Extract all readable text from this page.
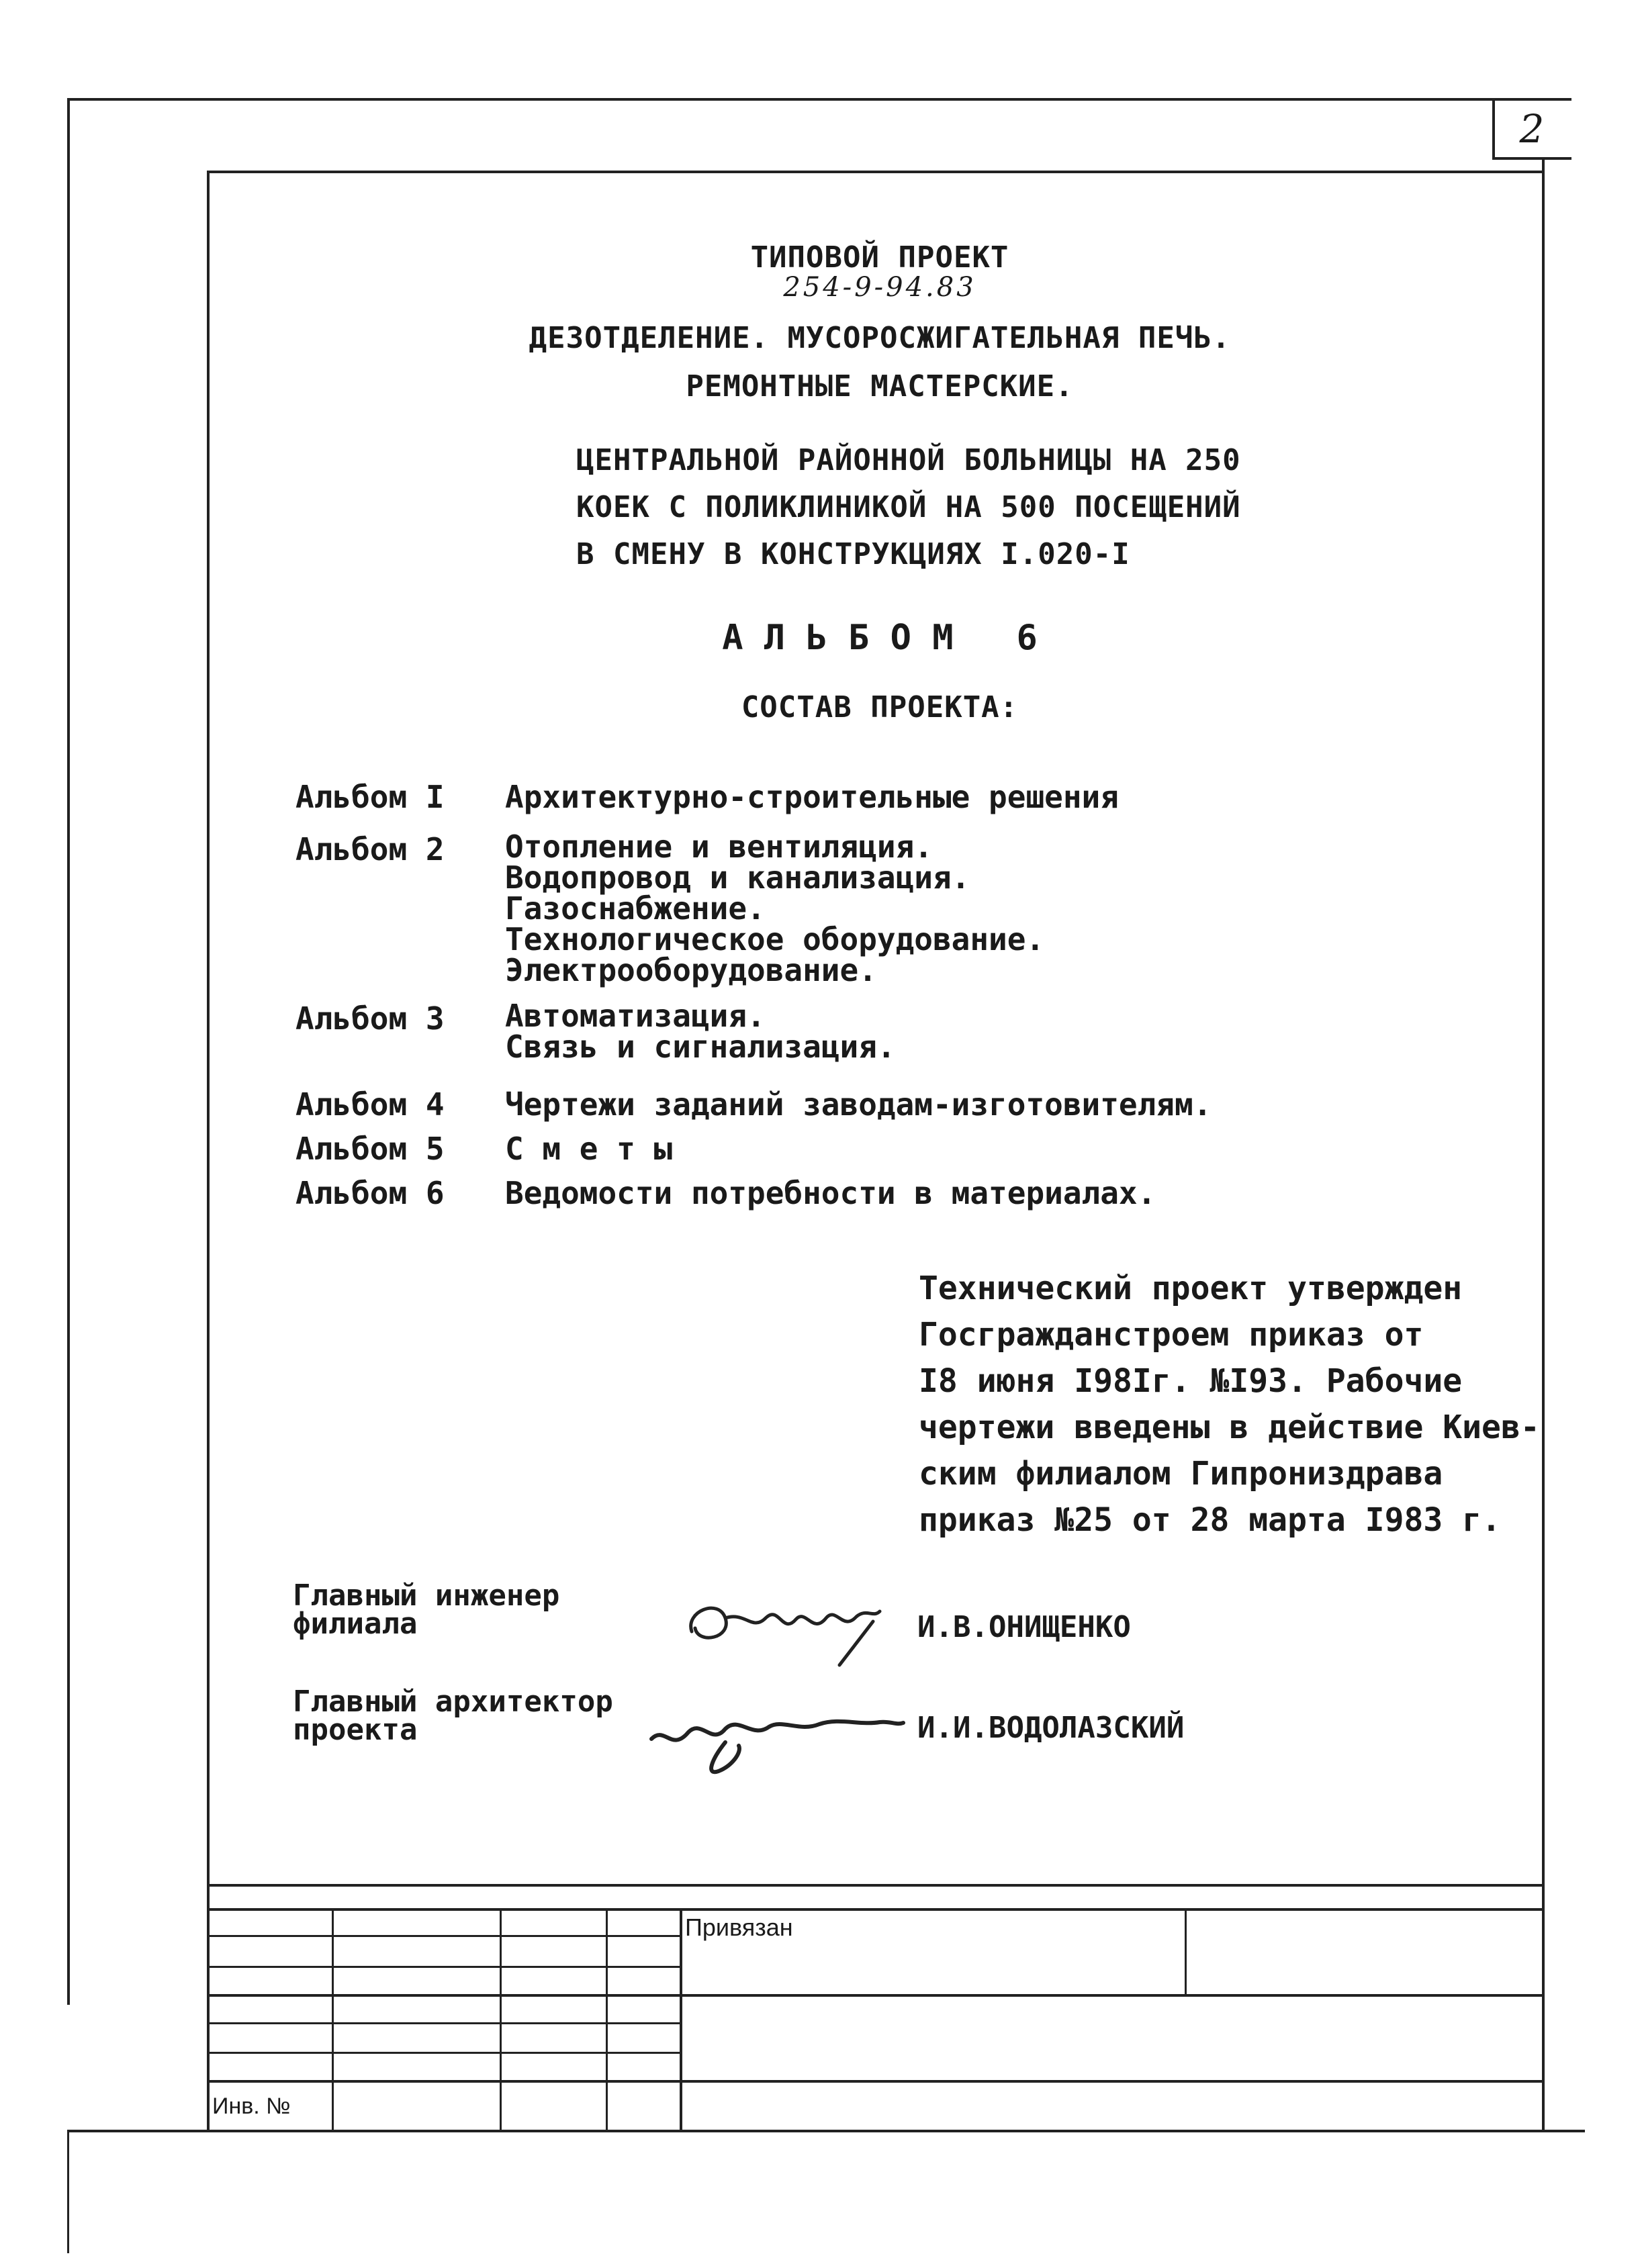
2
ТИПОВОЙ ПРОЕКТ
254-9-94.83
ДЕЗОТДЕЛЕНИЕ. МУСОРОСЖИГАТЕЛЬНАЯ ПЕЧЬ.
РЕМОНТНЫЕ МАСТЕРСКИЕ.
ЦЕНТРАЛЬНОЙ РАЙОННОЙ БОЛЬНИЦЫ НА 250
КОЕК С ПОЛИКЛИНИКОЙ НА 500 ПОСЕЩЕНИЙ
В СМЕНУ В КОНСТРУКЦИЯХ I.020-I
А Л Ь Б О М   6
СОСТАВ ПРОЕКТА:
Альбом I Архитектурно-строительные решения
Альбом 2 Отопление и вентиляция.
Водопровод и канализация.
Газоснабжение.
Технологическое оборудование.
Электрооборудование.
Альбом 3 Автоматизация.
Связь и сигнализация.
Альбом 4 Чертежи заданий заводам-изготовителям.
Альбом 5 С м е т ы
Альбом 6 Ведомости потребности в материалах.
Технический проект утвержден
Госгражданстроем приказ от
I8 июня I98Iг. №I93. Рабочие
чертежи введены в действие Киев-
ским филиалом Гипрониздрава
приказ №25 от 28 марта I983 г.
Главный инженер
филиала	И.В.ОНИЩЕНКО
Главный архитектор
проекта	И.И.ВОДОЛАЗСКИЙ
Привязан
Инв. №
